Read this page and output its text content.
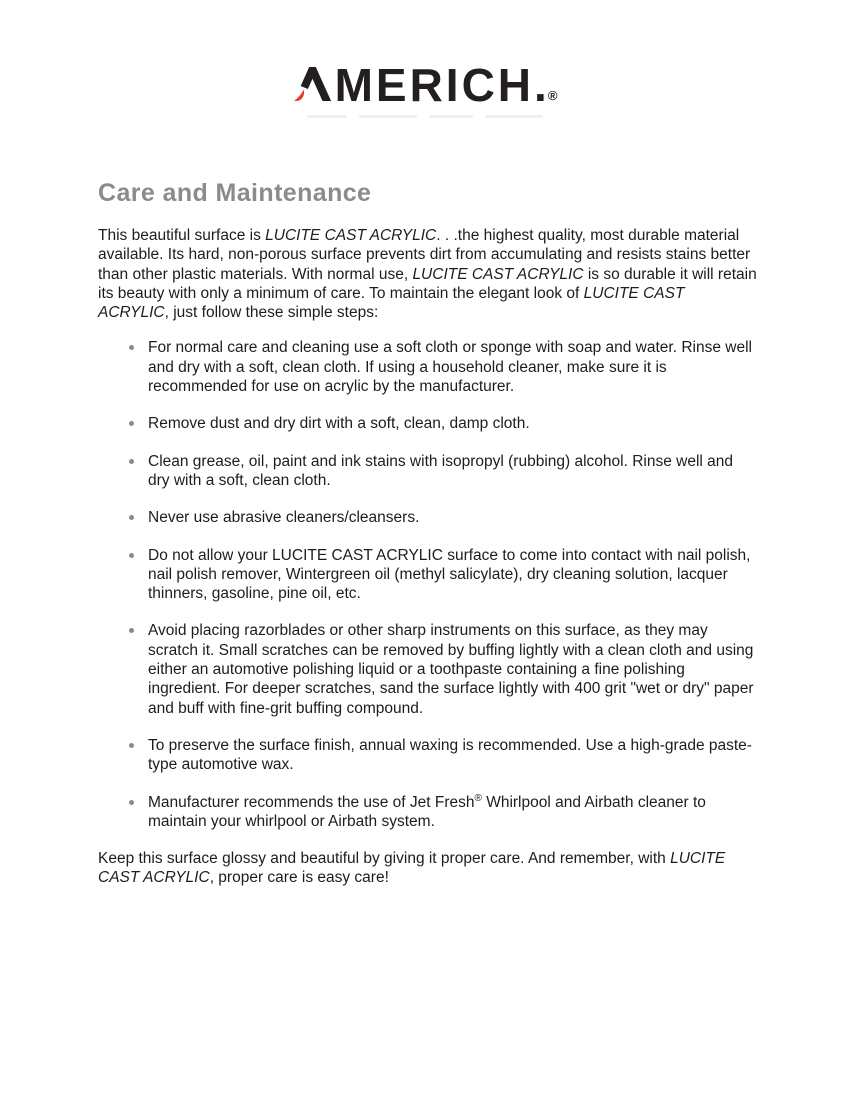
MERICH.®
Care and Maintenance

This beautiful surface is LUCITE CAST ACRYLIC. . .the highest quality, most durable material available. Its hard, non-porous surface prevents dirt from accumulating and resists stains better than other plastic materials. With normal use, LUCITE CAST ACRYLIC is so durable it will retain its beauty with only a minimum of care. To maintain the elegant look of LUCITE CAST ACRYLIC, just follow these simple steps:

For normal care and cleaning use a soft cloth or sponge with soap and water. Rinse well and dry with a soft, clean cloth. If using a household cleaner, make sure it is recommended for use on acrylic by the manufacturer.
Remove dust and dry dirt with a soft, clean, damp cloth.
Clean grease, oil, paint and ink stains with isopropyl (rubbing) alcohol. Rinse well and dry with a soft, clean cloth.
Never use abrasive cleaners/cleansers.
Do not allow your LUCITE CAST ACRYLIC surface to come into contact with nail polish, nail polish remover, Wintergreen oil (methyl salicylate), dry cleaning solution, lacquer thinners, gasoline, pine oil, etc.
Avoid placing razorblades or other sharp instruments on this surface, as they may scratch it. Small scratches can be removed by buffing lightly with a clean cloth and using either an automotive polishing liquid or a toothpaste containing a fine polishing ingredient. For deeper scratches, sand the surface lightly with 400 grit "wet or dry" paper and buff with fine-grit buffing compound.
To preserve the surface finish, annual waxing is recommended. Use a high-grade paste-type automotive wax.
Manufacturer recommends the use of Jet Fresh® Whirlpool and Airbath cleaner to maintain your whirlpool or Airbath system.

Keep this surface glossy and beautiful by giving it proper care. And remember, with LUCITE CAST ACRYLIC, proper care is easy care!
